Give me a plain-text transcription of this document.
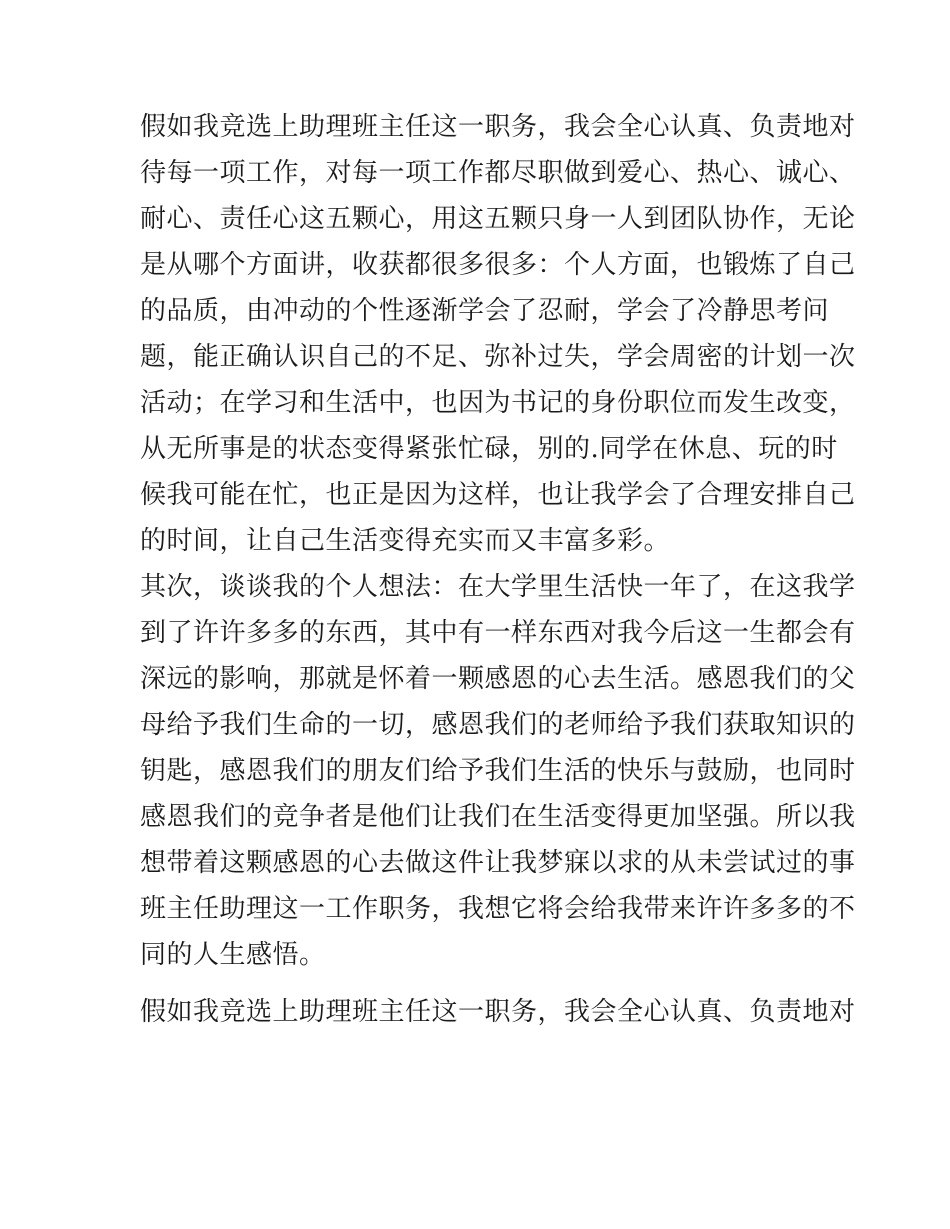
假如我竞选上助理班主任这一职务，我会全心认真、负责地对
待每一项工作，对每一项工作都尽职做到爱心、热心、诚心、
耐心、责任心这五颗心，用这五颗只身一人到团队协作，无论
是从哪个方面讲，收获都很多很多：个人方面，也锻炼了自己
的品质，由冲动的个性逐渐学会了忍耐，学会了冷静思考问
题，能正确认识自己的不足、弥补过失，学会周密的计划一次
活动；在学习和生活中，也因为书记的身份职位而发生改变，
从无所事是的状态变得紧张忙碌，别的.同学在休息、玩的时
候我可能在忙，也正是因为这样，也让我学会了合理安排自己
的时间，让自己生活变得充实而又丰富多彩。
其次，谈谈我的个人想法：在大学里生活快一年了，在这我学
到了许许多多的东西，其中有一样东西对我今后这一生都会有
深远的影响，那就是怀着一颗感恩的心去生活。感恩我们的父
母给予我们生命的一切，感恩我们的老师给予我们获取知识的
钥匙，感恩我们的朋友们给予我们生活的快乐与鼓励，也同时
感恩我们的竞争者是他们让我们在生活变得更加坚强。所以我
想带着这颗感恩的心去做这件让我梦寐以求的从未尝试过的事
班主任助理这一工作职务，我想它将会给我带来许许多多的不
同的人生感悟。
假如我竞选上助理班主任这一职务，我会全心认真、负责地对
